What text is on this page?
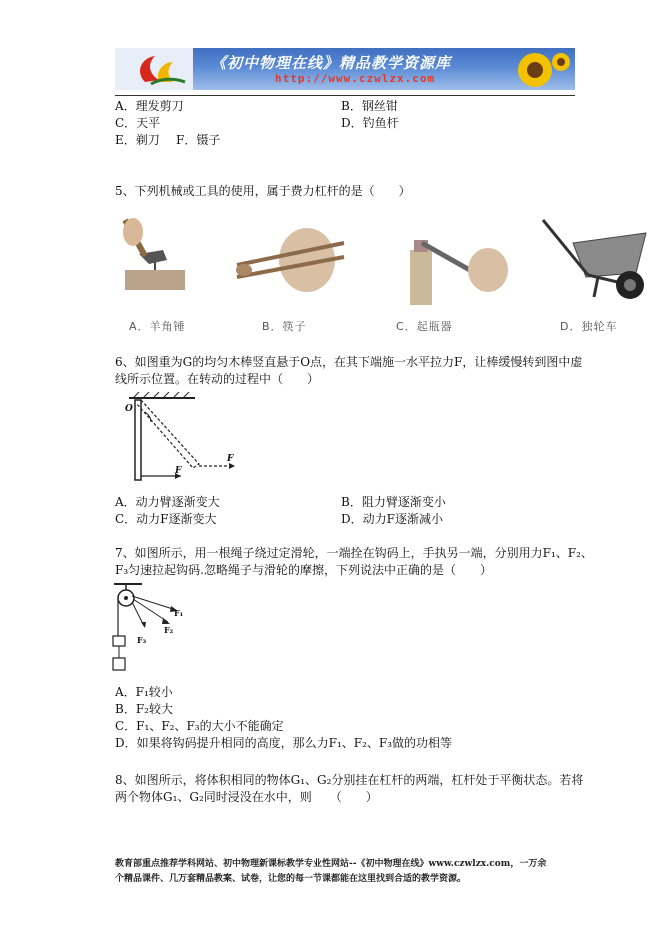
《初中物理在线》精品教学资源库
http://www.czwlzx.com
A．理发剪刀	B．钢丝钳
C．天平	D．钓鱼杆
E．剃刀 F．镊子
5、下列机械或工具的使用，属于费力杠杆的是（　　）
A．羊角锤	B．筷子	C．起瓶器	D．独轮车
6、如图重为G的均匀木棒竖直悬于O点，在其下端施一水平拉力F，让棒缓慢转到图中虚
线所示位置。在转动的过程中（　　）
O
F
F
A．动力臂逐渐变大	B．阻力臂逐渐变小
C．动力F逐渐变大	D．动力F逐渐减小
7、如图所示，用一根绳子绕过定滑轮，一端拴在钩码上，手执另一端，分别用力F₁、F₂、
F₃匀速拉起钩码.忽略绳子与滑轮的摩擦，下列说法中正确的是（　　）
F₁
F₂
F₃
A．F₁较小
B．F₂较大
C．F₁、F₂、F₃的大小不能确定
D．如果将钩码提升相同的高度，那么力F₁、F₂、F₃做的功相等
8、如图所示，将体积相同的物体G₁、G₂分别挂在杠杆的两端，杠杆处于平衡状态。若将
两个物体G₁、G₂同时浸没在水中，则　　（　　）
教育部重点推荐学科网站、初中物理新课标教学专业性网站--《初中物理在线》www.czwlzx.com，一万余
个精品课件、几万套精品教案、试卷，让您的每一节课都能在这里找到合适的教学资源。
